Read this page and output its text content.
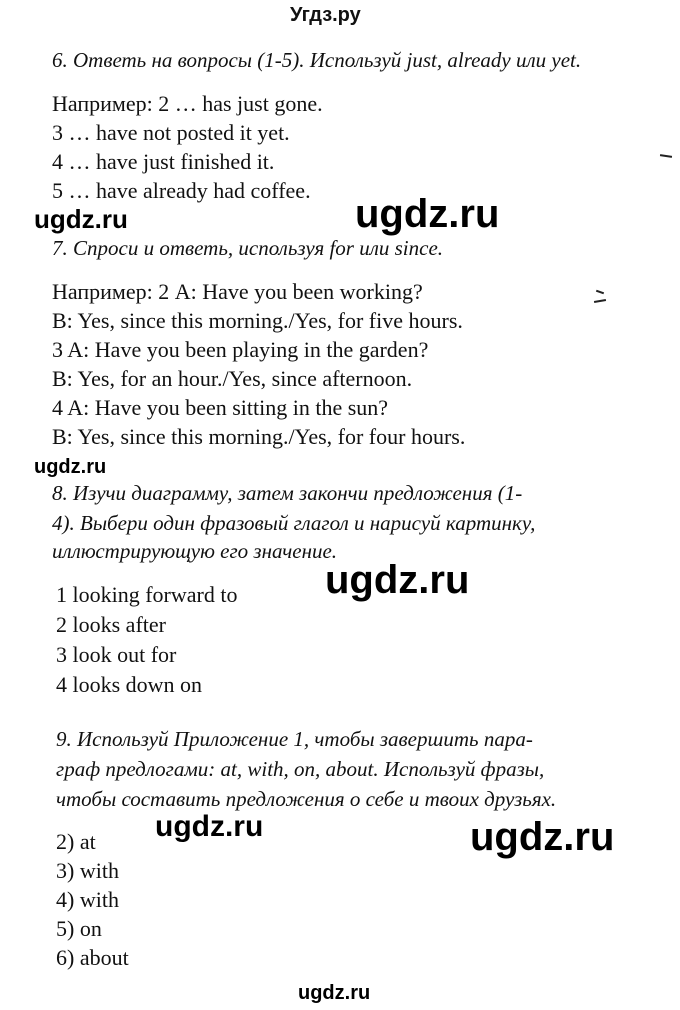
Угдз.ру
6. Ответь на вопросы (1-5). Используй just, already или yet.
Например: 2 … has just gone.
3 … have not posted it yet.
4 … have just finished it.
5 … have already had coffee.
ugdz.ru	ugdz.ru
7. Спроси и ответь, используя for или since.
Например: 2 A: Have you been working?
B: Yes, since this morning./Yes, for five hours.
3 A: Have you been playing in the garden?
B: Yes, for an hour./Yes, since afternoon.
4 A: Have you been sitting in the sun?
B: Yes, since this morning./Yes, for four hours.
ugdz.ru
8. Изучи диаграмму, затем закончи предложения (1-
4). Выбери один фразовый глагол и нарисуй картинку,
иллюстрирующую его значение.
ugdz.ru
1 looking forward to
2 looks after
3 look out for
4 looks down on
9. Используй Приложение 1, чтобы завершить пара-
граф предлогами: at, with, on, about. Используй фразы,
чтобы составить предложения о себе и твоих друзьях.
ugdz.ru	ugdz.ru
2) at
3) with
4) with
5) on
6) about
ugdz.ru
